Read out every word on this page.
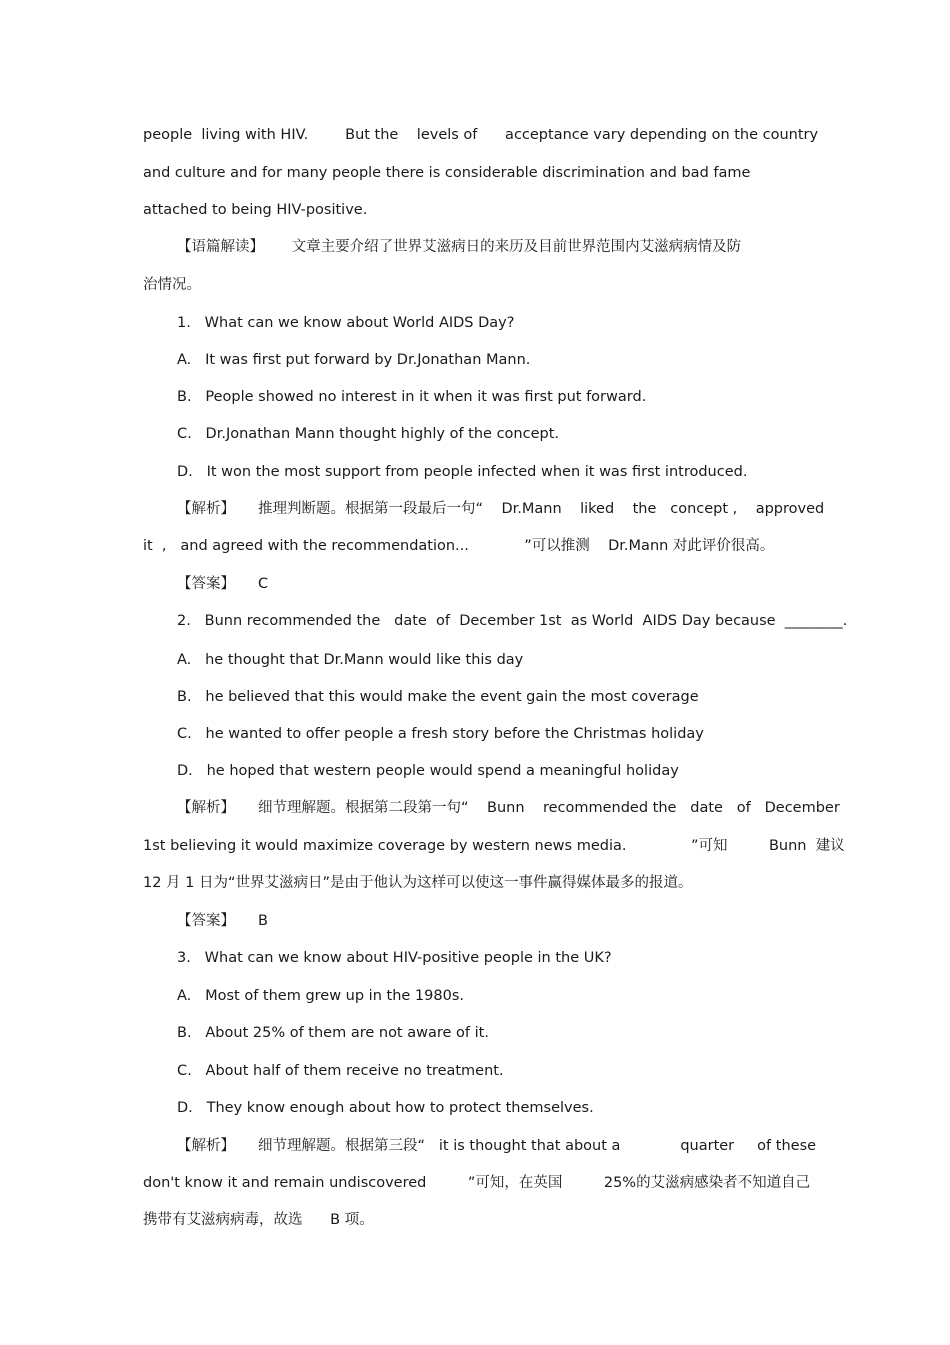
people  living with HIV.        But the    levels of      acceptance vary depending on the country
and culture and for many people there is considerable discrimination and bad fame
attached to being HIV-positive.
【语篇解读】      文章主要介绍了世界艾滋病日的来历及目前世界范围内艾滋病病情及防
治情况。
1.   What can we know about World AIDS Day?
A.   It was first put forward by Dr.Jonathan Mann.
B.   People showed no interest in it when it was first put forward.
C.   Dr.Jonathan Mann thought highly of the concept.
D.   It won the most support from people infected when it was first introduced.
【解析】     推理判断题。根据第一段最后一句“    Dr.Mann    liked    the   concept ,    approved
it  ,   and agreed with the recommendation...            ”可以推测    Dr.Mann 对此评价很高。
【答案】     C
2.   Bunn recommended the   date  of  December 1st  as World  AIDS Day because  ________.
A.   he thought that Dr.Mann would like this day
B.   he believed that this would make the event gain the most coverage
C.   he wanted to offer people a fresh story before the Christmas holiday
D.   he hoped that western people would spend a meaningful holiday
【解析】     细节理解题。根据第二段第一句“    Bunn    recommended the   date   of   December
1st believing it would maximize coverage by western news media.              ”可知         Bunn  建议
12 月 1 日为“世界艾滋病日”是由于他认为这样可以使这一事件赢得媒体最多的报道。
【答案】     B
3.   What can we know about HIV-positive people in the UK?
A.   Most of them grew up in the 1980s.
B.   About 25% of them are not aware of it.
C.   About half of them receive no treatment.
D.   They know enough about how to protect themselves.
【解析】     细节理解题。根据第三段“   it is thought that about a             quarter     of these
don't know it and remain undiscovered         ”可知，在英国         25%的艾滋病感染者不知道自己
携带有艾滋病病毒，故选      B 项。
